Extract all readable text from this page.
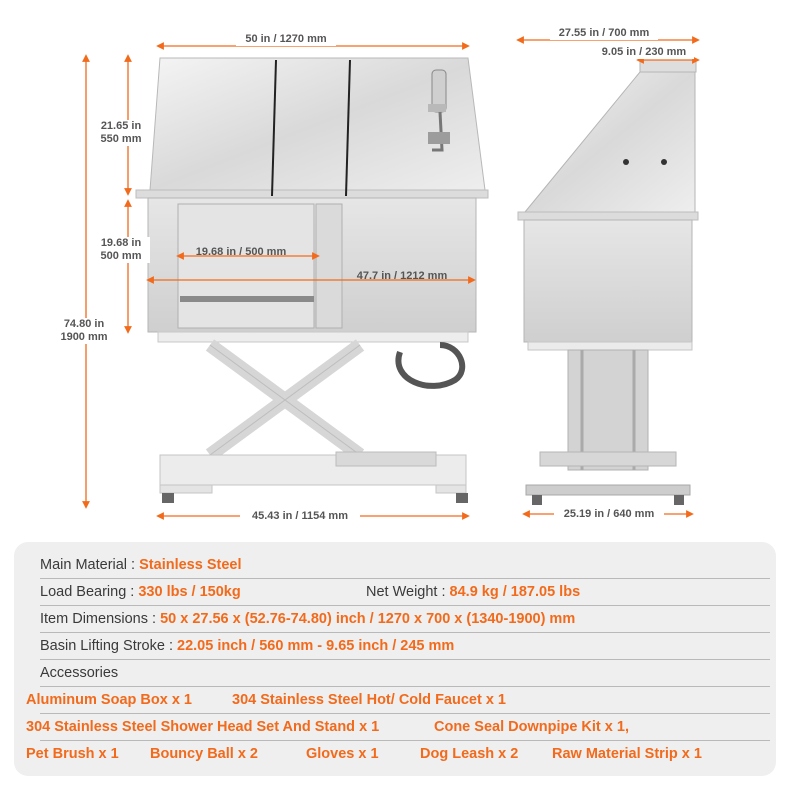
50 in / 1270 mm
21.65 in
550 mm
19.68 in
500 mm
74.80 in
1900 mm
19.68 in / 500 mm
47.7 in / 1212 mm
45.43 in / 1154 mm
27.55 in / 700 mm
9.05 in / 230 mm
25.19 in / 640 mm
Main Material : Stainless Steel
Load Bearing : 330 lbs / 150kg	Net Weight : 84.9 kg / 187.05 lbs
Item Dimensions : 50 x 27.56 x (52.76-74.80) inch / 1270 x 700 x (1340-1900) mm
Basin Lifting Stroke : 22.05 inch / 560 mm - 9.65 inch / 245 mm
Accessories
Aluminum Soap Box x 1	304 Stainless Steel Hot/ Cold Faucet x 1
304 Stainless Steel Shower Head Set And Stand x 1	Cone Seal Downpipe Kit x 1,
Pet Brush x 1 Bouncy Ball x 2	Gloves x 1	Dog Leash x 2 Raw Material Strip x 1
